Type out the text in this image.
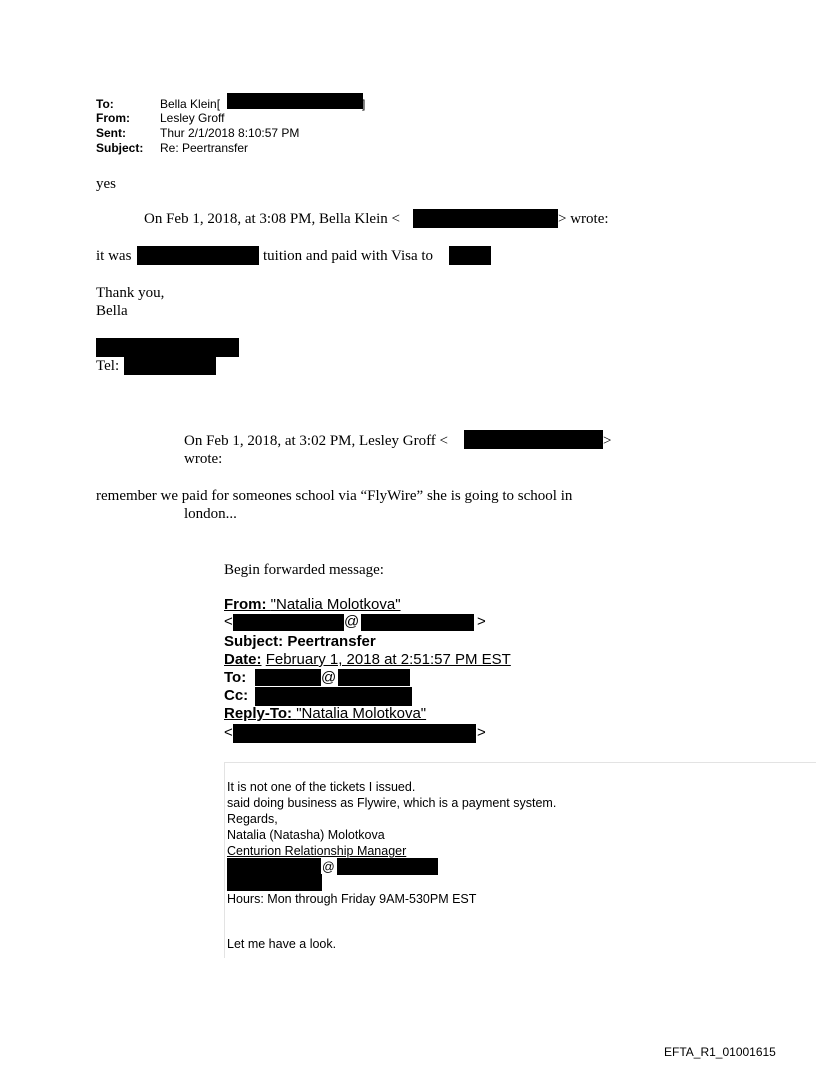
To:	Bella Klein[	]
From:	Lesley Groff
Sent:	Thur 2/1/2018 8:10:57 PM
Subject: Re: Peertransfer
yes
On Feb 1, 2018, at 3:08 PM, Bella Klein <	> wrote:
it was	tuition and paid with Visa to
Thank you,
Bella
Tel:
On Feb 1, 2018, at 3:02 PM, Lesley Groff <	>
wrote:
remember we paid for someones school via “FlyWire” she is going to school in
london...
Begin forwarded message:
From: "Natalia Molotkova"
<	@	>
Subject: Peertransfer
Date: February 1, 2018 at 2:51:57 PM EST
To:	@
Cc:
Reply-To: "Natalia Molotkova"
<	>
It is not one of the tickets I issued.
said doing business as Flywire, which is a payment system.
Regards,
Natalia (Natasha) Molotkova
Centurion Relationship Manager
@
Hours: Mon through Friday 9AM-530PM EST
Let me have a look.
EFTA_R1_01001615
